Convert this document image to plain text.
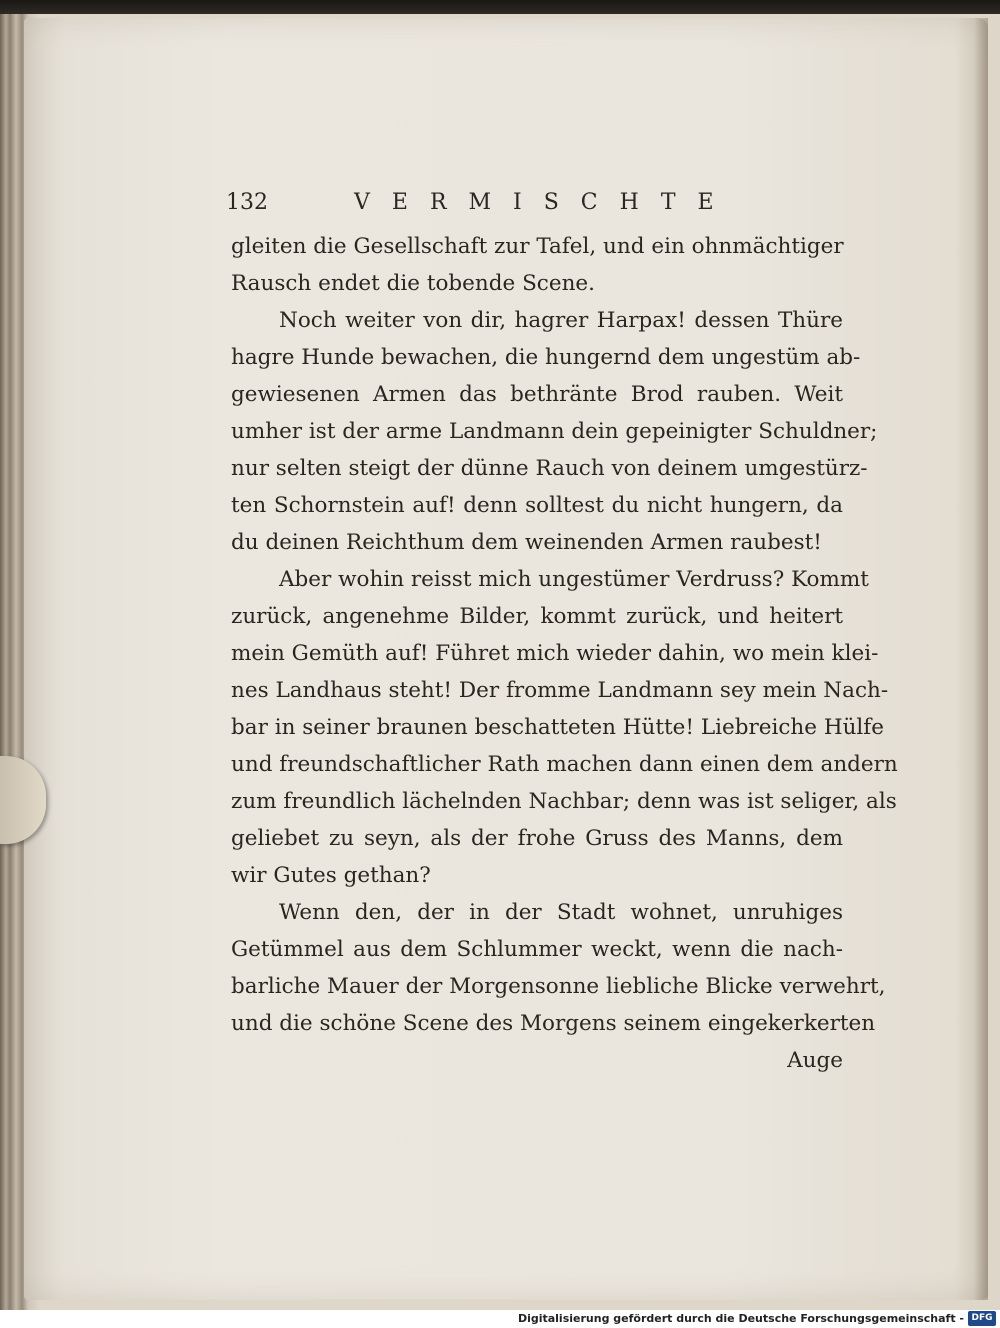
132	VERMISCHTE
gleiten die Gesellschaft zur Tafel, und ein ohnmächtiger
Rausch endet die tobende Scene.
Noch weiter von dir, hagrer Harpax! dessen Thüre
hagre Hunde bewachen, die hungernd dem ungestüm ab-
gewiesenen Armen das bethränte Brod rauben. Weit
umher ist der arme Landmann dein gepeinigter Schuldner;
nur selten steigt der dünne Rauch von deinem umgestürz-
ten Schornstein auf! denn solltest du nicht hungern, da
du deinen Reichthum dem weinenden Armen raubest!
Aber wohin reisst mich ungestümer Verdruss? Kommt
zurück, angenehme Bilder, kommt zurück, und heitert
mein Gemüth auf! Führet mich wieder dahin, wo mein klei-
nes Landhaus steht! Der fromme Landmann sey mein Nach-
bar in seiner braunen beschatteten Hütte! Liebreiche Hülfe
und freundschaftlicher Rath machen dann einen dem andern
zum freundlich lächelnden Nachbar; denn was ist seliger, als
geliebet zu seyn, als der frohe Gruss des Manns, dem
wir Gutes gethan?
Wenn den, der in der Stadt wohnet, unruhiges
Getümmel aus dem Schlummer weckt, wenn die nach-
barliche Mauer der Morgensonne liebliche Blicke verwehrt,
und die schöne Scene des Morgens seinem eingekerkerten
Auge
Digitalisierung gefördert durch die Deutsche Forschungsgemeinschaft - DFG
